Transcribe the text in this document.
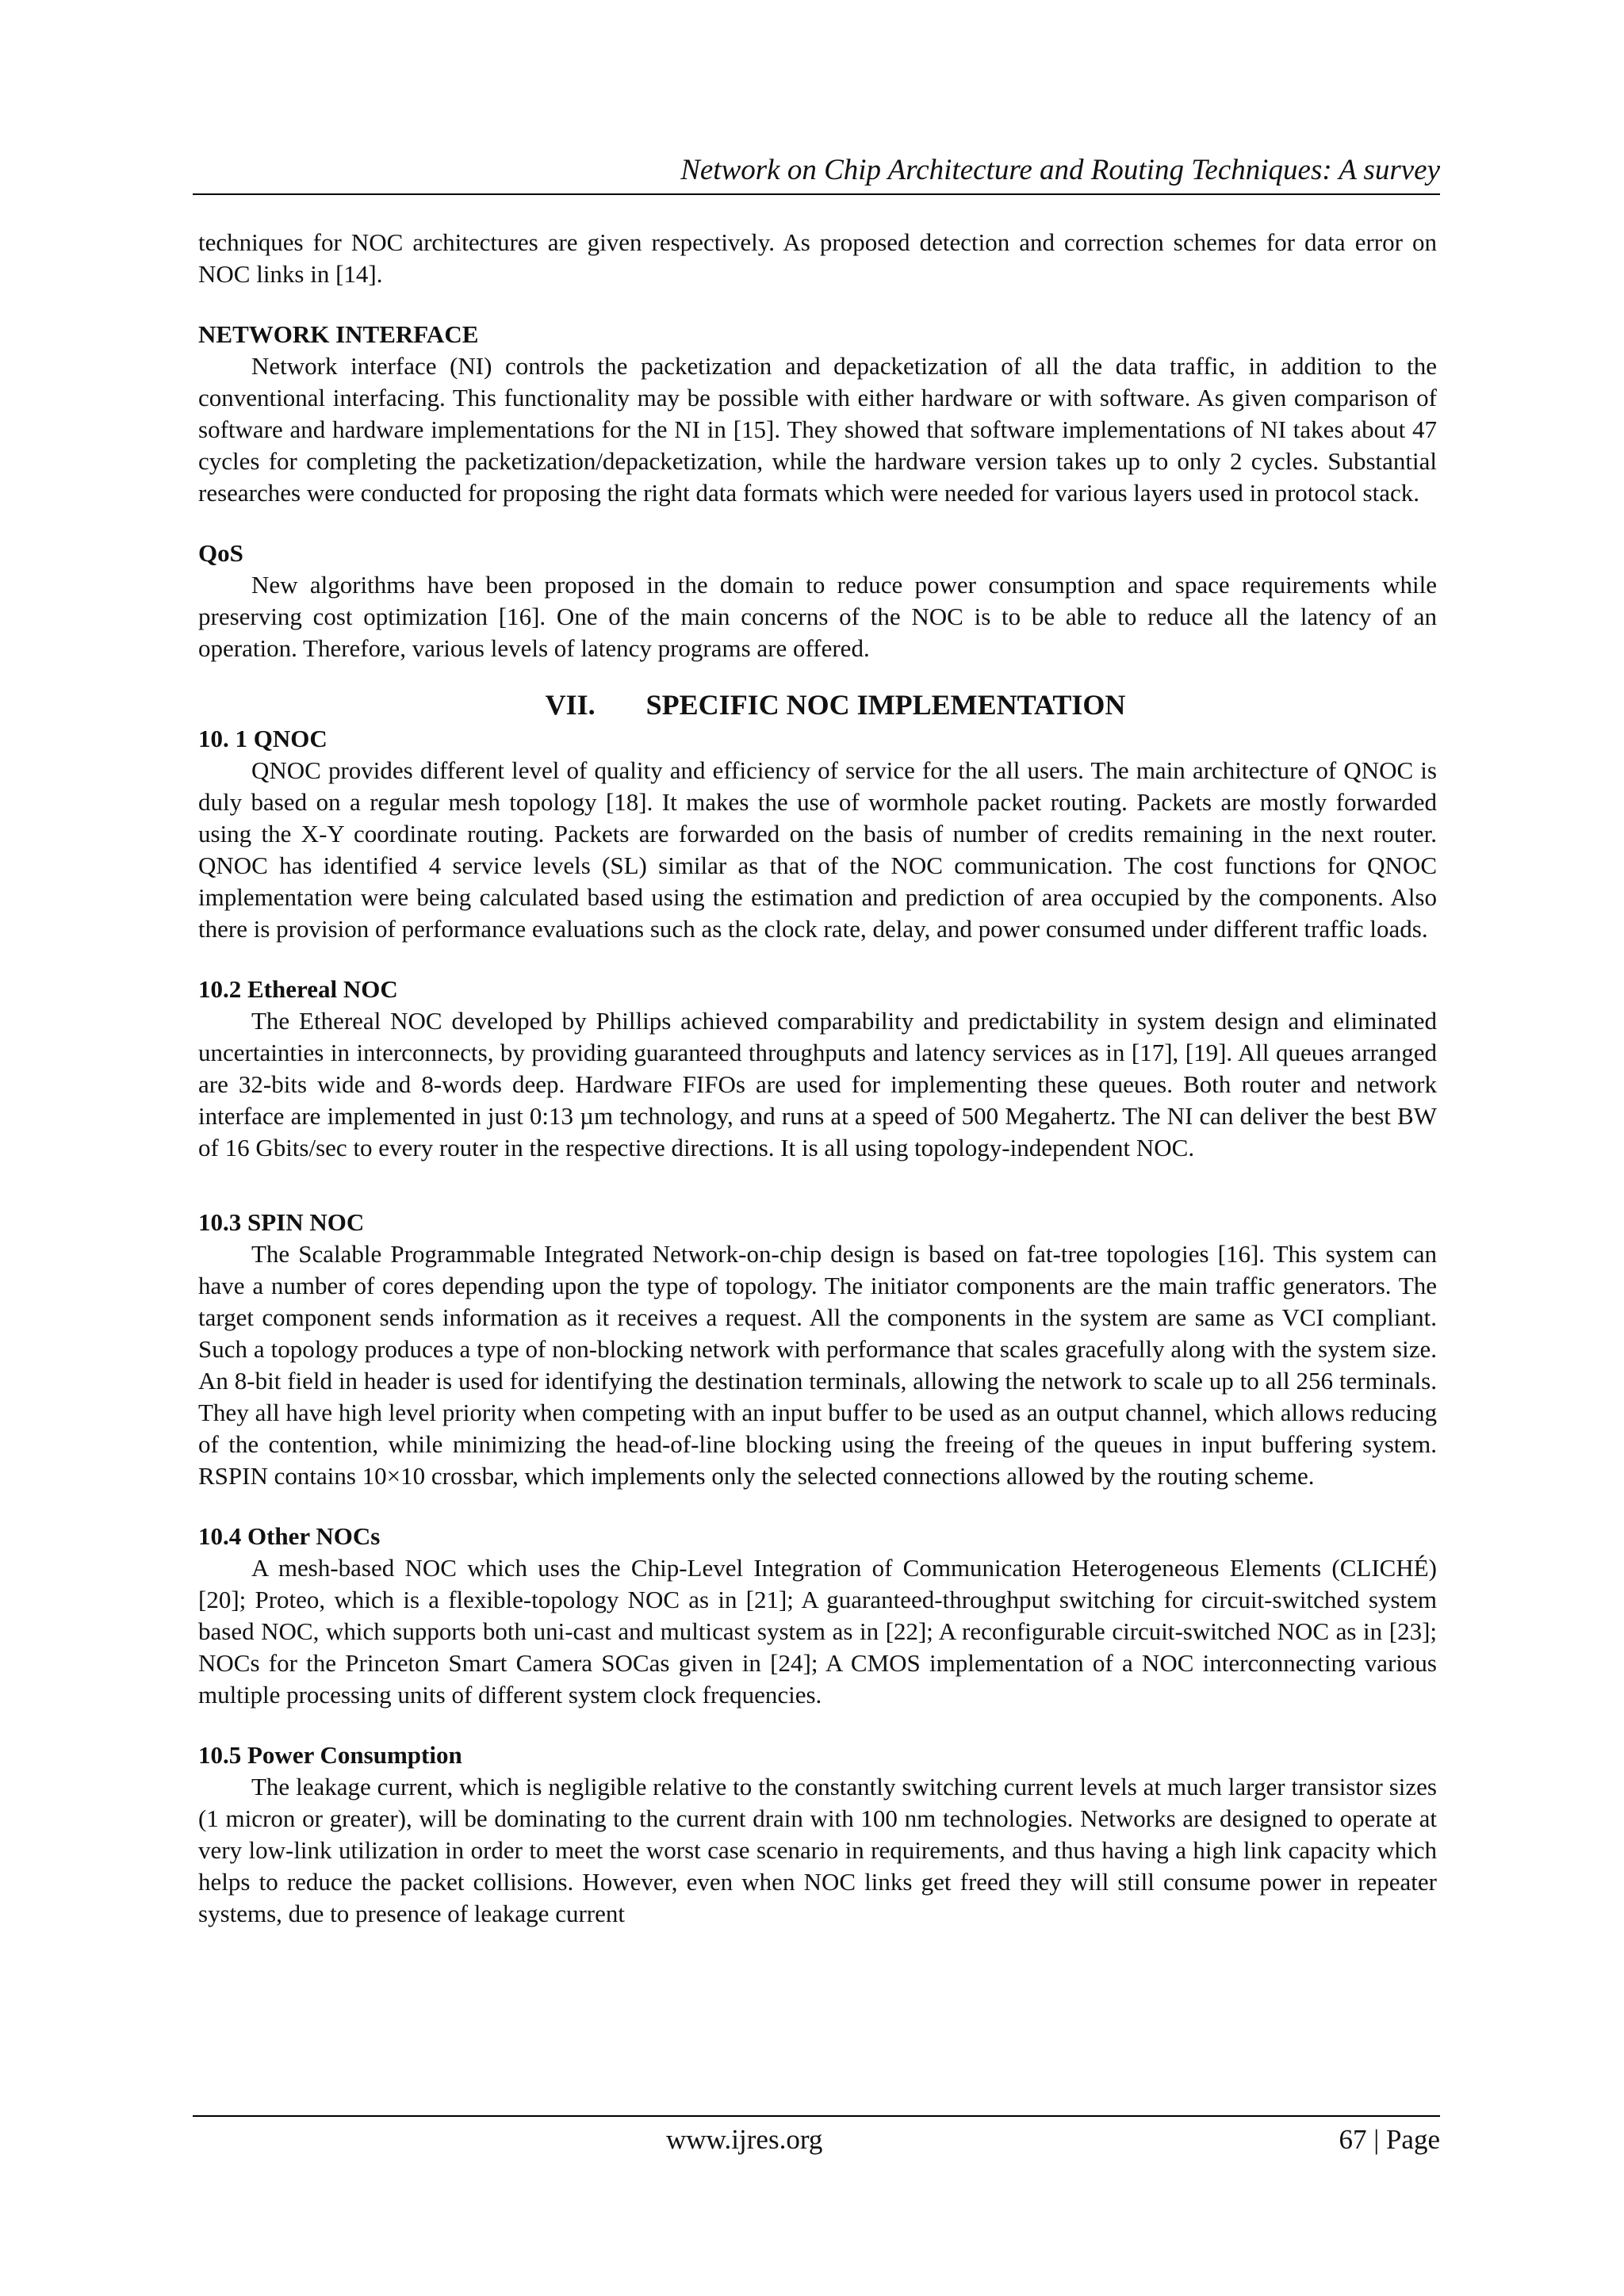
Network on Chip Architecture and Routing Techniques: A survey

techniques for NOC architectures are given respectively. As proposed detection and correction schemes for data error on NOC links in [14].

NETWORK INTERFACE

Network interface (NI) controls the packetization and depacketization of all the data traffic, in addition to the conventional interfacing. This functionality may be possible with either hardware or with software. As given comparison of software and hardware implementations for the NI in [15]. They showed that software implementations of NI takes about 47 cycles for completing the packetization/depacketization, while the hardware version takes up to only 2 cycles. Substantial researches were conducted for proposing the right data formats which were needed for various layers used in protocol stack.

QoS

New algorithms have been proposed in the domain to reduce power consumption and space requirements while preserving cost optimization [16]. One of the main concerns of the NOC is to be able to reduce all the latency of an operation. Therefore, various levels of latency programs are offered.

VII. SPECIFIC NOC IMPLEMENTATION
10. 1 QNOC

QNOC provides different level of quality and efficiency of service for the all users. The main architecture of QNOC is duly based on a regular mesh topology [18]. It makes the use of wormhole packet routing. Packets are mostly forwarded using the X-Y coordinate routing. Packets are forwarded on the basis of number of credits remaining in the next router. QNOC has identified 4 service levels (SL) similar as that of the NOC communication. The cost functions for QNOC implementation were being calculated based using the estimation and prediction of area occupied by the components. Also there is provision of performance evaluations such as the clock rate, delay, and power consumed under different traffic loads.

10.2 Ethereal NOC

The Ethereal NOC developed by Phillips achieved comparability and predictability in system design and eliminated uncertainties in interconnects, by providing guaranteed throughputs and latency services as in [17], [19]. All queues arranged are 32-bits wide and 8-words deep. Hardware FIFOs are used for implementing these queues. Both router and network interface are implemented in just 0:13 µm technology, and runs at a speed of 500 Megahertz. The NI can deliver the best BW of 16 Gbits/sec to every router in the respective directions. It is all using topology-independent NOC.

10.3 SPIN NOC

The Scalable Programmable Integrated Network-on-chip design is based on fat-tree topologies [16]. This system can have a number of cores depending upon the type of topology. The initiator components are the main traffic generators. The target component sends information as it receives a request. All the components in the system are same as VCI compliant. Such a topology produces a type of non-blocking network with performance that scales gracefully along with the system size. An 8-bit field in header is used for identifying the destination terminals, allowing the network to scale up to all 256 terminals. They all have high level priority when competing with an input buffer to be used as an output channel, which allows reducing of the contention, while minimizing the head-of-line blocking using the freeing of the queues in input buffering system. RSPIN contains 10×10 crossbar, which implements only the selected connections allowed by the routing scheme.

10.4 Other NOCs

A mesh-based NOC which uses the Chip-Level Integration of Communication Heterogeneous Elements (CLICHÉ) [20]; Proteo, which is a flexible-topology NOC as in [21]; A guaranteed-throughput switching for circuit-switched system based NOC, which supports both uni-cast and multicast system as in [22]; A reconfigurable circuit-switched NOC as in [23]; NOCs for the Princeton Smart Camera SOCas given in [24]; A CMOS implementation of a NOC interconnecting various multiple processing units of different system clock frequencies.

10.5 Power Consumption

The leakage current, which is negligible relative to the constantly switching current levels at much larger transistor sizes (1 micron or greater), will be dominating to the current drain with 100 nm technologies. Networks are designed to operate at very low-link utilization in order to meet the worst case scenario in requirements, and thus having a high link capacity which helps to reduce the packet collisions. However, even when NOC links get freed they will still consume power in repeater systems, due to presence of leakage current

www.ijres.org	67 | Page
